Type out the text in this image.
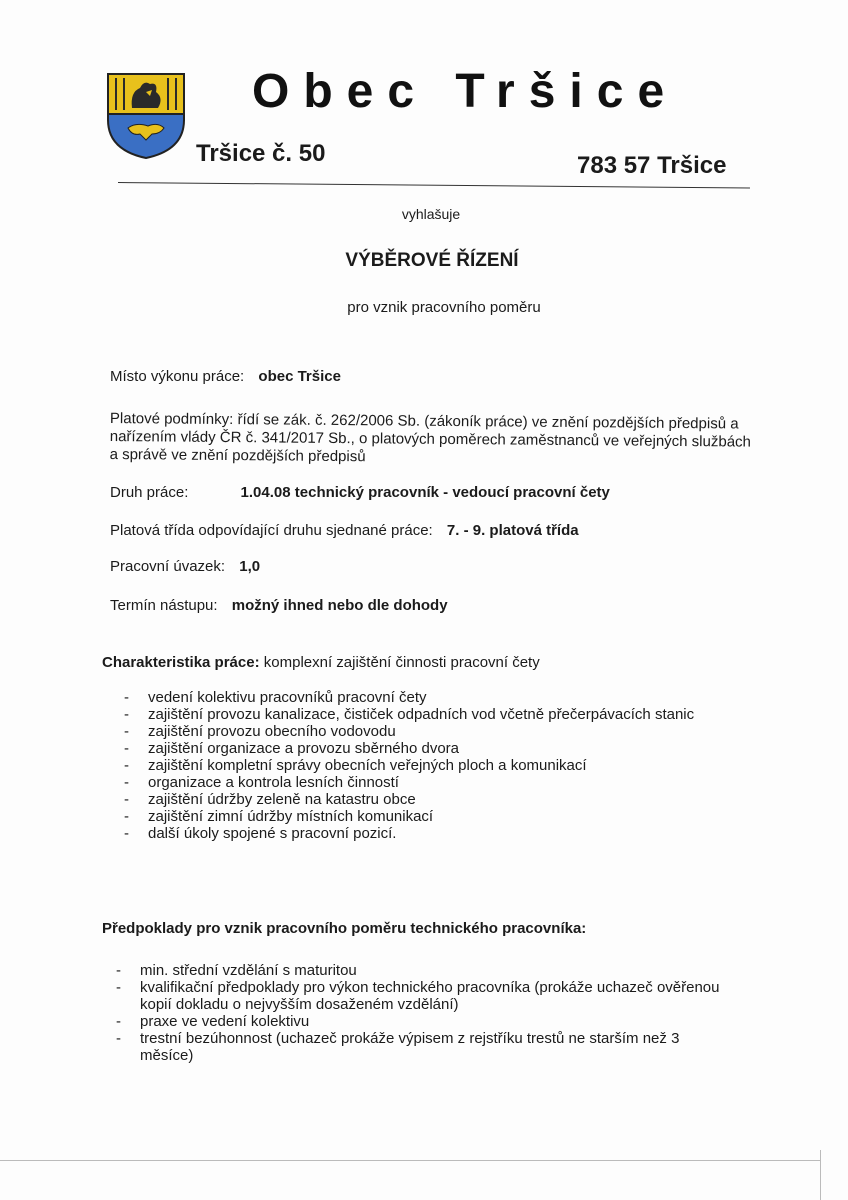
Obec Tršice
Tršice č. 50	783 57 Tršice
vyhlašuje
VÝBĚROVÉ ŘÍZENÍ
pro vznik pracovního poměru
Místo výkonu práce: obec Tršice
Platové podmínky: řídí se zák. č. 262/2006 Sb. (zákoník práce) ve znění pozdějších předpisů a nařízením vlády ČR č. 341/2017 Sb., o platových poměrech zaměstnanců ve veřejných službách a správě ve znění pozdějších předpisů
Druh práce:	1.04.08 technický pracovník - vedoucí pracovní čety
Platová třída odpovídající druhu sjednané práce: 7. - 9. platová třída
Pracovní úvazek: 1,0
Termín nástupu: možný ihned nebo dle dohody
Charakteristika práce: komplexní zajištění činnosti pracovní čety
- vedení kolektivu pracovníků pracovní čety
- zajištění provozu kanalizace, čističek odpadních vod včetně přečerpávacích stanic
- zajištění provozu obecního vodovodu
- zajištění organizace a provozu sběrného dvora
- zajištění kompletní správy obecních veřejných ploch a komunikací
- organizace a kontrola lesních činností
- zajištění údržby zeleně na katastru obce
- zajištění zimní údržby místních komunikací
- další úkoly spojené s pracovní pozicí.
Předpoklady pro vznik pracovního poměru technického pracovníka:
- min. střední vzdělání s maturitou
- kvalifikační předpoklady pro výkon technického pracovníka (prokáže uchazeč ověřenou kopií dokladu o nejvyšším dosaženém vzdělání)
- praxe ve vedení kolektivu
- trestní bezúhonnost (uchazeč prokáže výpisem z rejstříku trestů ne starším než 3 měsíce)
